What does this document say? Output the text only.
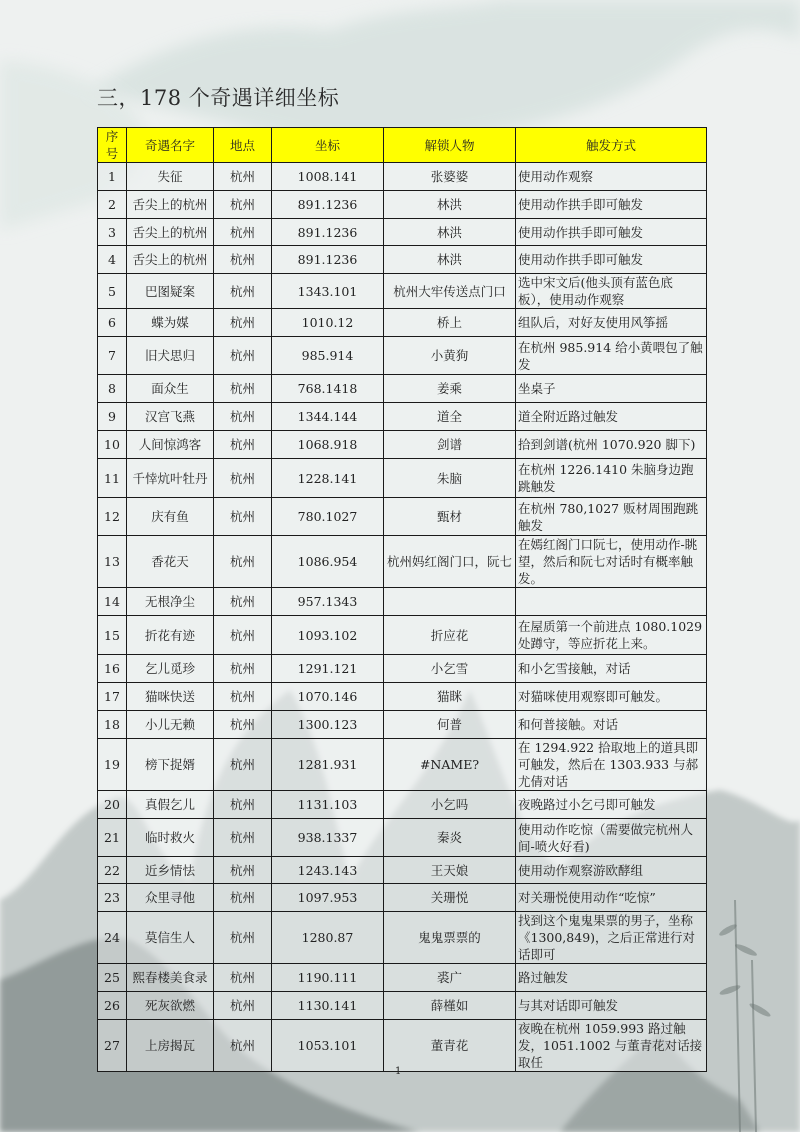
三，178 个奇遇详细坐标
序号	奇遇名字	地点	坐标	解锁人物	触发方式
1	失征	杭州	1008.141	张婆婆	使用动作观察
2	舌尖上的杭州	杭州	891.1236	林洪	使用动作拱手即可触发
3	舌尖上的杭州	杭州	891.1236	林洪	使用动作拱手即可触发
4	舌尖上的杭州	杭州	891.1236	林洪	使用动作拱手即可触发
5	巴图疑案	杭州	1343.101	杭州大牢传送点门口	选中宋文后(他头顶有蓝色底板），使用动作观察
6	蝶为媒	杭州	1010.12	桥上	组队后，对好友使用风筝摇
7	旧犬思归	杭州	985.914	小黄狗	在杭州 985.914 给小黄喂包了触发
8	面众生	杭州	768.1418	姜乘	坐桌子
9	汉宫飞燕	杭州	1344.144	道全	道全附近路过触发
10	人间惊鸿客	杭州	1068.918	剑谱	拾到剑谱(杭州 1070.920 脚下)
11	千悻炕叶牡丹	杭州	1228.141	朱脑	在杭州 1226.1410 朱脑身边跑跳触发
12	庆有鱼	杭州	780.1027	甄材	在杭州 780,1027 贩材周围跑跳触发
13	香花天	杭州	1086.954	杭州妈红阁门口，阮七	在嫣红阁门口阮七，使用动作-眺望，然后和阮七对话时有概率触发。
14	无根净尘	杭州	957.1343		
15	折花有迹	杭州	1093.102	折应花	在屋质第一个前进点 1080.1029 处蹲守，等应折花上来。
16	乞儿觅珍	杭州	1291.121	小乞雪	和小乞雪接触，对话
17	猫咪快送	杭州	1070.146	猫眯	对猫咪使用观察即可触发。
18	小儿无赖	杭州	1300.123	何普	和何普接触。对话
19	榜下捉婿	杭州	1281.931	#NAME?	在 1294.922 拾取地上的道具即可触发，然后在 1303.933 与郝尤倩对话
20	真假乞儿	杭州	1131.103	小乞吗	夜晚路过小乞弓即可触发
21	临时救火	杭州	938.1337	秦炎	使用动作吃惊（需要做完杭州人间-喷火好看)
22	近乡情怯	杭州	1243.143	王天娘	使用动作观察游欧酵组
23	众里寻他	杭州	1097.953	关珊悦	对关珊悦使用动作“吃惊”
24	莫信生人	杭州	1280.87	鬼鬼票票的	找到这个鬼鬼果票的男子，坐称《1300,849)，之后正常进行对话即可
25	熙春楼美食录	杭州	1190.111	裘广	路过触发
26	死灰欲燃	杭州	1130.141	薛槿如	与其对话即可触发
27	上房揭瓦	杭州	1053.101	董青花	夜晚在杭州 1059.993 路过触发，1051.1002 与董青花对话接取任
1
